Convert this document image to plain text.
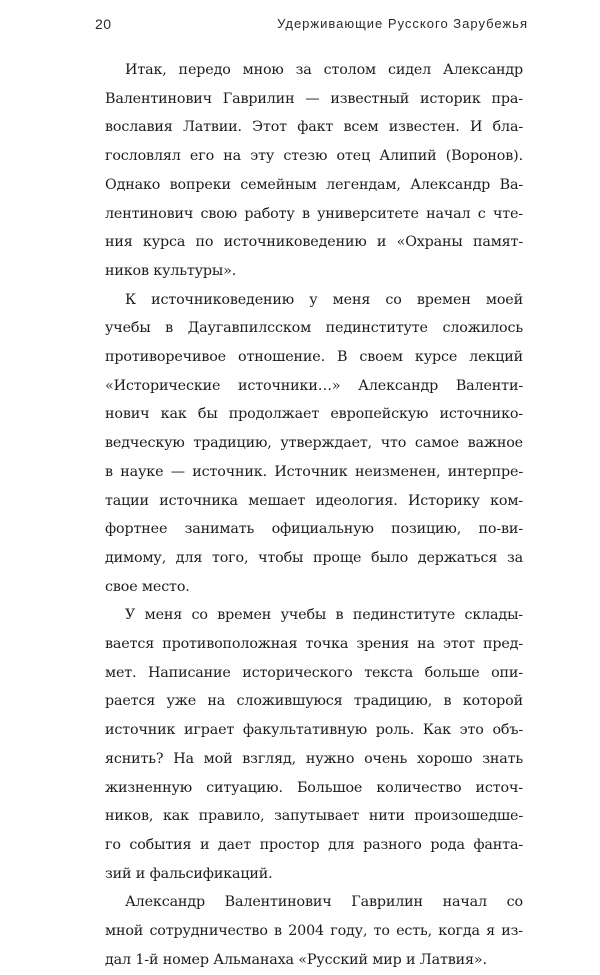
20	Удерживающие Русского Зарубежья

Итак, передо мною за столом сидел Александр
Валентинович Гаврилин — известный историк пра-
вославия Латвии. Этот факт всем известен. И бла-
гословлял его на эту стезю отец Алипий (Воронов).
Однако вопреки семейным легендам, Александр Ва-
лентинович свою работу в университете начал с чте-
ния курса по источниковедению и «Охраны памят-
ников культуры».

К источниковедению у меня со времен моей
учебы в Даугавпилсском пединституте сложилось
противоречивое отношение. В своем курсе лекций
«Исторические источники…» Александр Валенти-
нович как бы продолжает европейскую источнико-
ведческую традицию, утверждает, что самое важное
в науке — источник. Источник неизменен, интерпре-
тации источника мешает идеология. Историку ком-
фортнее занимать официальную позицию, по-ви-
димому, для того, чтобы проще было держаться за
свое место.

У меня со времен учебы в пединституте склады-
вается противоположная точка зрения на этот пред-
мет. Написание исторического текста больше опи-
рается уже на сложившуюся традицию, в которой
источник играет факультативную роль. Как это объ-
яснить? На мой взгляд, нужно очень хорошо знать
жизненную ситуацию. Большое количество источ-
ников, как правило, запутывает нити произошедше-
го события и дает простор для разного рода фанта-
зий и фальсификаций.

Александр Валентинович Гаврилин начал со
мной сотрудничество в 2004 году, то есть, когда я из-
дал 1-й номер Альманаха «Русский мир и Латвия».
